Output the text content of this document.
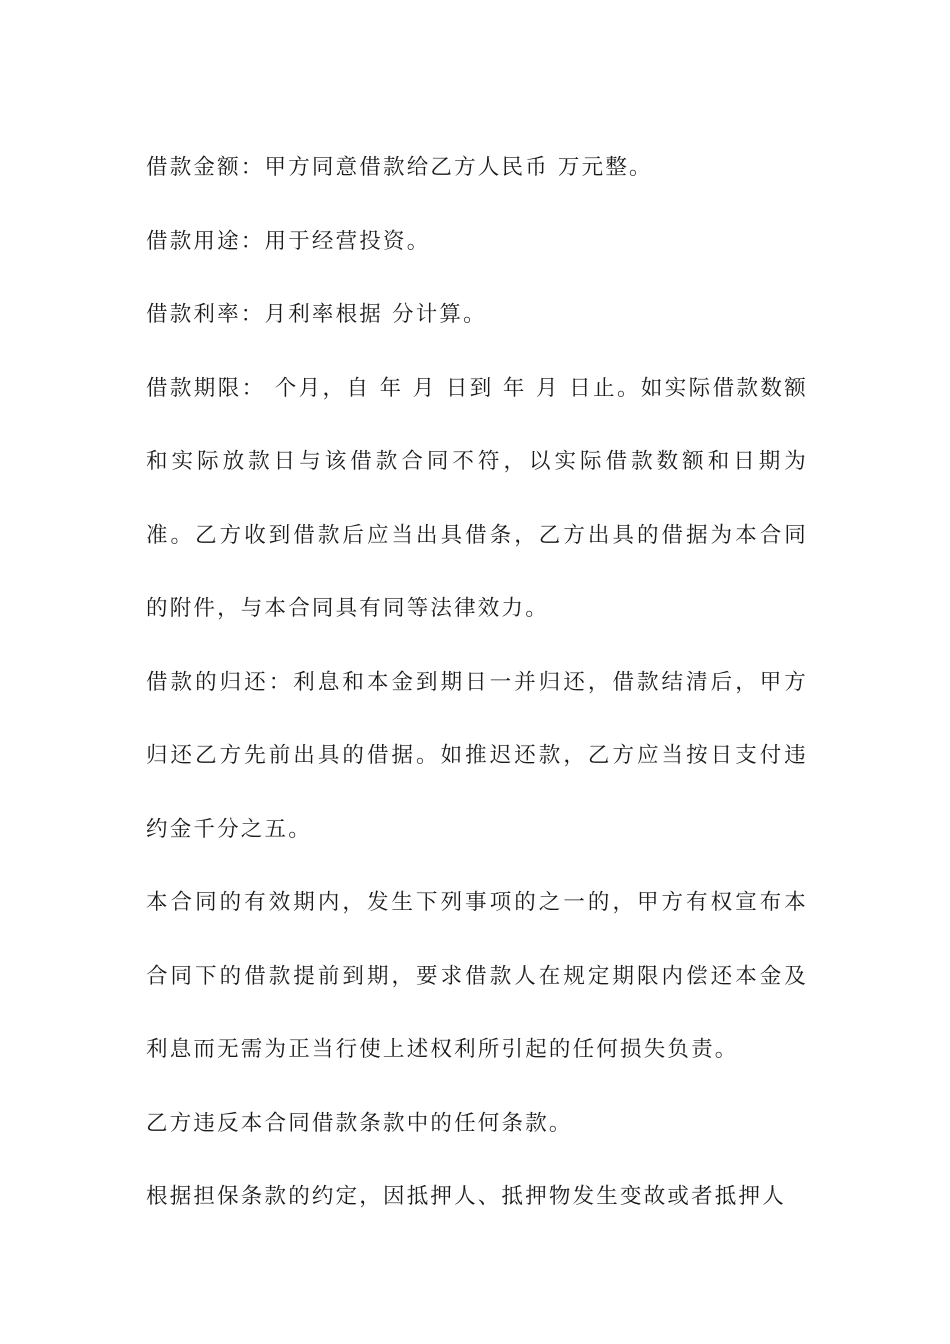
借款金额：甲方同意借款给乙方人民币 万元整。

借款用途：用于经营投资。

借款利率：月利率根据 分计算。

借款期限： 个月，自 年 月 日到 年 月 日止。如实际借款数额和实际放款日与该借款合同不符，以实际借款数额和日期为准。乙方收到借款后应当出具借条，乙方出具的借据为本合同的附件，与本合同具有同等法律效力。

借款的归还：利息和本金到期日一并归还，借款结清后，甲方归还乙方先前出具的借据。如推迟还款，乙方应当按日支付违约金千分之五。

本合同的有效期内，发生下列事项的之一的，甲方有权宣布本合同下的借款提前到期，要求借款人在规定期限内偿还本金及利息而无需为正当行使上述权利所引起的任何损失负责。

乙方违反本合同借款条款中的任何条款。

根据担保条款的约定，因抵押人、抵押物发生变故或者抵押人
